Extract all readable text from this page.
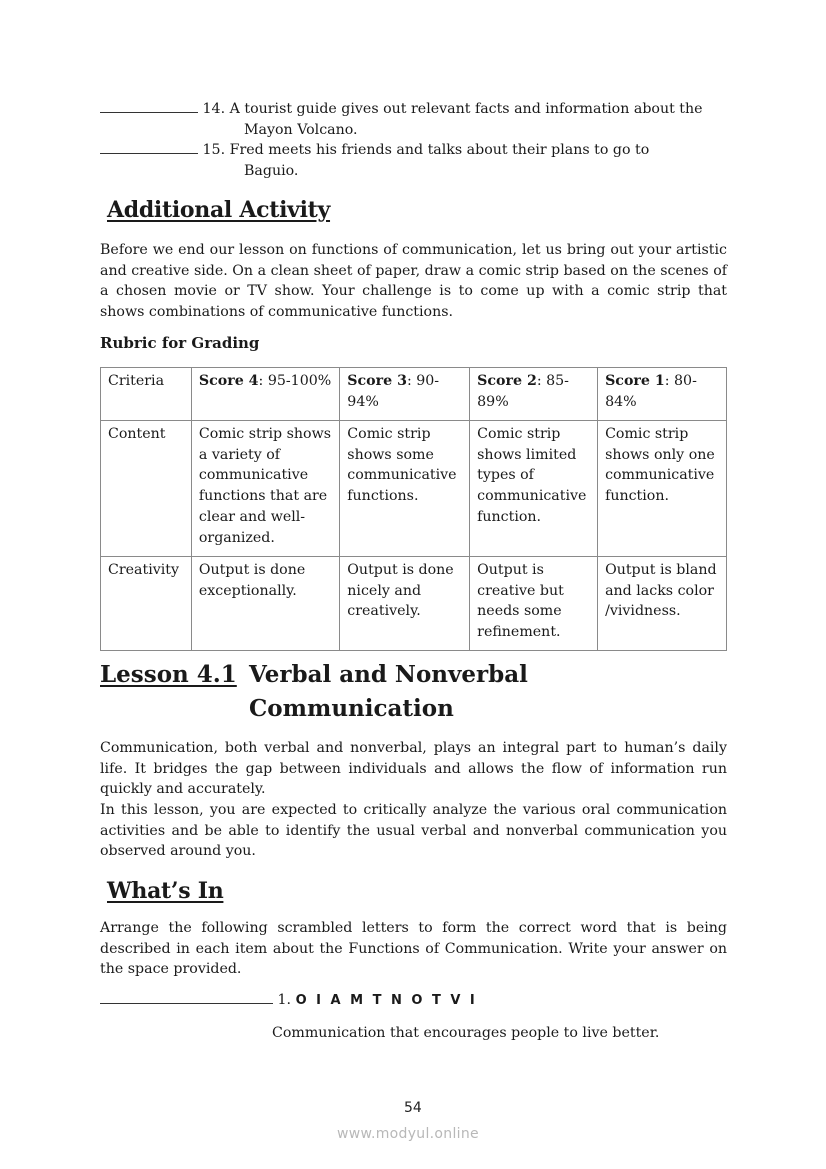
14. A tourist guide gives out relevant facts and information about the
Mayon Volcano.
15. Fred meets his friends and talks about their plans to go to
Baguio.
Additional Activity
Before we end our lesson on functions of communication, let us bring out your artistic and creative side. On a clean sheet of paper, draw a comic strip based on the scenes of a chosen movie or TV show. Your challenge is to come up with a comic strip that shows combinations of communicative functions.
Rubric for Grading
Criteria	Score 4: 95-100%	Score 3: 90-94%	Score 2: 85-89%	Score 1: 80-84%
Content	Comic strip shows a variety of communicative functions that are clear and well-organized.	Comic strip shows some communicative functions.	Comic strip shows limited types of communicative function.	Comic strip shows only one communicative function.
Creativity	Output is done exceptionally.	Output is done nicely and creatively.	Output is creative but needs some refinement.	Output is bland and lacks color /vividness.
Lesson 4.1 Verbal and Nonverbal
Communication
Communication, both verbal and nonverbal, plays an integral part to human’s daily life. It bridges the gap between individuals and allows the flow of information run quickly and accurately.
In this lesson, you are expected to critically analyze the various oral communication activities and be able to identify the usual verbal and nonverbal communication you observed around you.
What’s In
Arrange the following scrambled letters to form the correct word that is being described in each item about the Functions of Communication. Write your answer on the space provided.
1. O I A M T N O T V I
Communication that encourages people to live better.
54
www.modyul.online
